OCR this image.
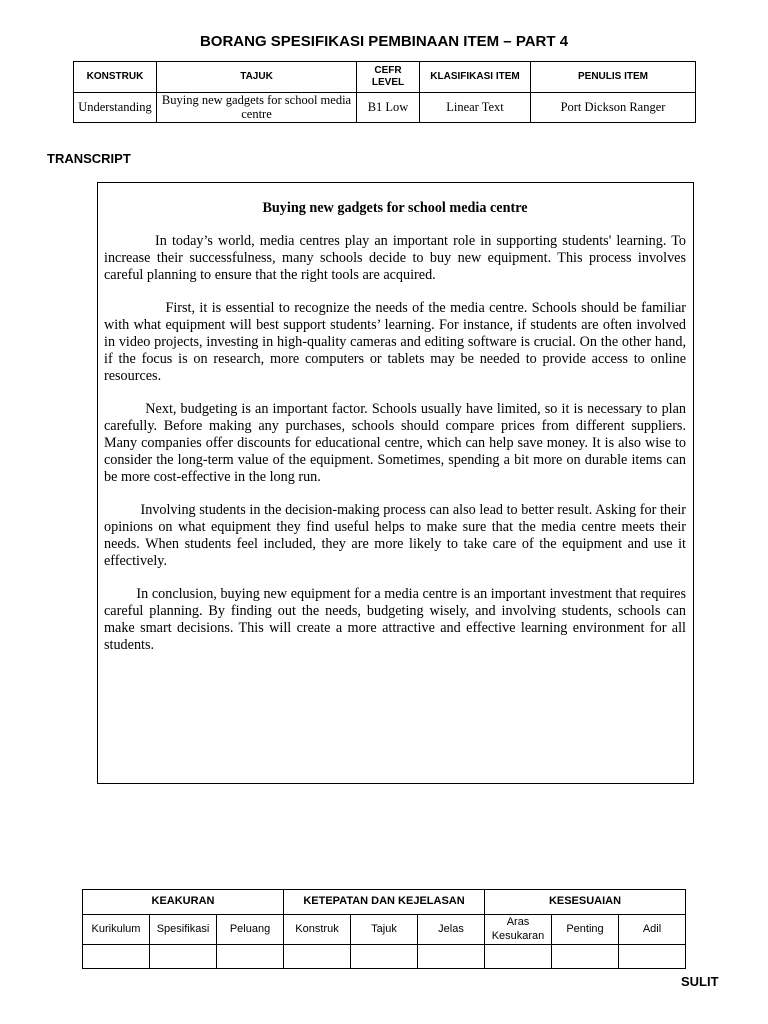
BORANG SPESIFIKASI PEMBINAAN ITEM – PART 4
KONSTRUK	TAJUK	CEFR LEVEL	KLASIFIKASI ITEM	PENULIS ITEM
Understanding	Buying new gadgets for school media centre	B1 Low	Linear Text	Port Dickson Ranger
TRANSCRIPT
Buying new gadgets for school media centre

In today’s world, media centres play an important role in supporting students' learning. To increase their successfulness, many schools decide to buy new equipment. This process involves careful planning to ensure that the right tools are acquired.

First, it is essential to recognize the needs of the media centre. Schools should be familiar with what equipment will best support students’ learning. For instance, if students are often involved in video projects, investing in high-quality cameras and editing software is crucial. On the other hand, if the focus is on research, more computers or tablets may be needed to provide access to online resources.

Next, budgeting is an important factor. Schools usually have limited, so it is necessary to plan carefully. Before making any purchases, schools should compare prices from different suppliers. Many companies offer discounts for educational centre, which can help save money. It is also wise to consider the long-term value of the equipment. Sometimes, spending a bit more on durable items can be more cost-effective in the long run.

Involving students in the decision-making process can also lead to better result. Asking for their opinions on what equipment they find useful helps to make sure that the media centre meets their needs. When students feel included, they are more likely to take care of the equipment and use it effectively.

In conclusion, buying new equipment for a media centre is an important investment that requires careful planning. By finding out the needs, budgeting wisely, and involving students, schools can make smart decisions. This will create a more attractive and effective learning environment for all students.

KEAKURAN			KETEPATAN DAN KEJELASAN			KESESUAIAN		
Kurikulum	Spesifikasi	Peluang	Konstruk	Tajuk	Jelas	Aras Kesukaran	Penting	Adil

SULIT
